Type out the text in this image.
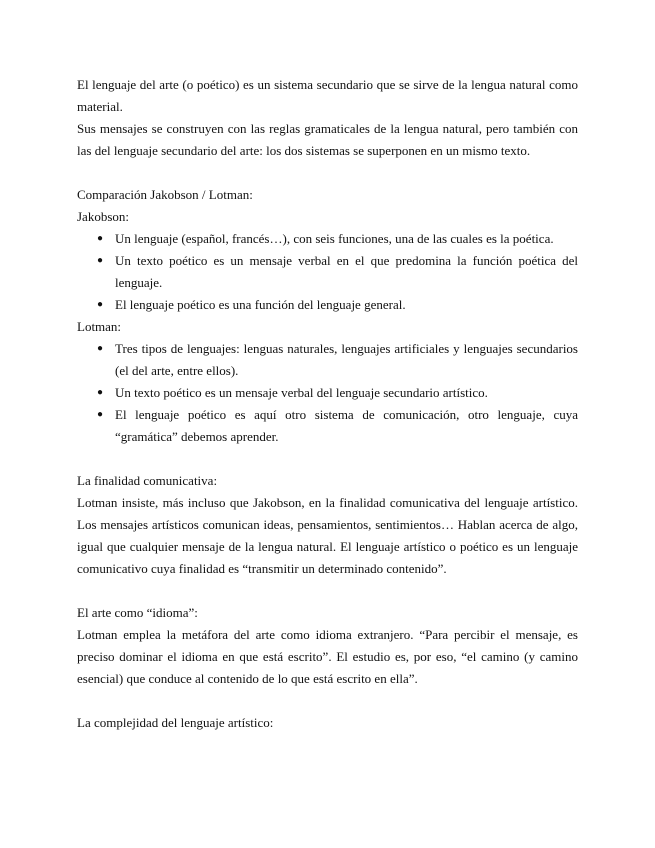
El lenguaje del arte (o poético) es un sistema secundario que se sirve de la lengua natural como material.

Sus mensajes se construyen con las reglas gramaticales de la lengua natural, pero también con las del lenguaje secundario del arte: los dos sistemas se superponen en un mismo texto.

Comparación Jakobson / Lotman:

Jakobson:

● Un lenguaje (español, francés…), con seis funciones, una de las cuales es la poética.
● Un texto poético es un mensaje verbal en el que predomina la función poética del lenguaje.
● El lenguaje poético es una función del lenguaje general.

Lotman:

● Tres tipos de lenguajes: lenguas naturales, lenguajes artificiales y lenguajes secundarios (el del arte, entre ellos).
● Un texto poético es un mensaje verbal del lenguaje secundario artístico.
● El lenguaje poético es aquí otro sistema de comunicación, otro lenguaje, cuya “gramática” debemos aprender.

La finalidad comunicativa:

Lotman insiste, más incluso que Jakobson, en la finalidad comunicativa del lenguaje artístico. Los mensajes artísticos comunican ideas, pensamientos, sentimientos… Hablan acerca de algo, igual que cualquier mensaje de la lengua natural. El lenguaje artístico o poético es un lenguaje comunicativo cuya finalidad es “transmitir un determinado contenido”.

El arte como “idioma”:

Lotman emplea la metáfora del arte como idioma extranjero. “Para percibir el mensaje, es preciso dominar el idioma en que está escrito”. El estudio es, por eso, “el camino (y camino esencial) que conduce al contenido de lo que está escrito en ella”.

La complejidad del lenguaje artístico:
